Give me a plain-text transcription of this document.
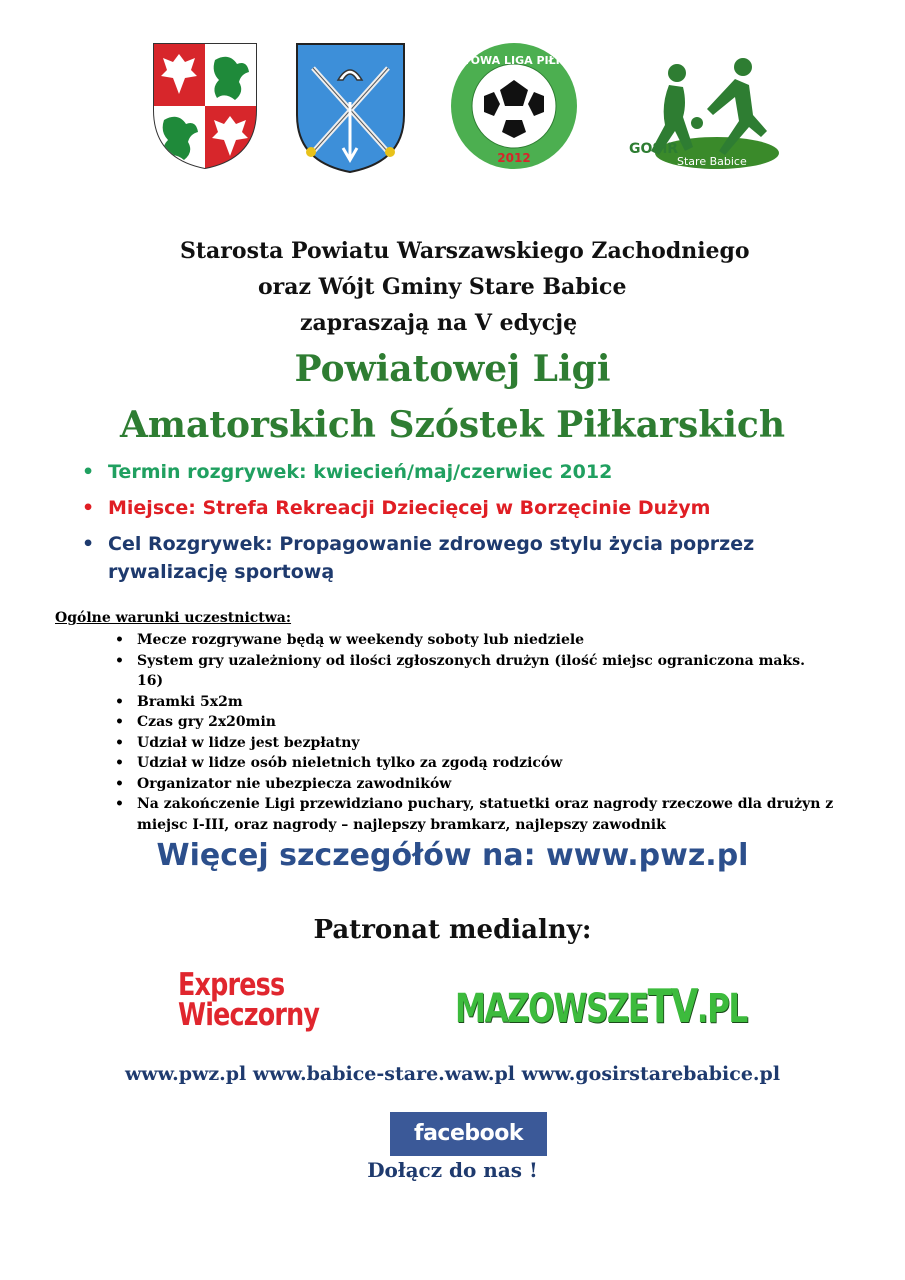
POWIATOWA LIGA PIŁKARSKA
2012
GOSiR
Stare Babice
Starosta Powiatu Warszawskiego Zachodniego
oraz Wójt Gminy Stare Babice
zapraszają na V edycję
Powiatowej Ligi
Amatorskich Szóstek Piłkarskich
• Termin rozgrywek: kwiecień/maj/czerwiec 2012
• Miejsce: Strefa Rekreacji Dziecięcej w Borzęcinie Dużym
• Cel Rozgrywek: Propagowanie zdrowego stylu życia poprzez rywalizację sportową
Ogólne warunki uczestnictwa:
• Mecze rozgrywane będą w weekendy soboty lub niedziele
• System gry uzależniony od ilości zgłoszonych drużyn (ilość miejsc ograniczona maks. 16)
• Bramki 5x2m
• Czas gry 2x20min
• Udział w lidze jest bezpłatny
• Udział w lidze osób nieletnich tylko za zgodą rodziców
• Organizator nie ubezpiecza zawodników
• Na zakończenie Ligi przewidziano puchary, statuetki oraz nagrody rzeczowe dla drużyn z miejsc I-III, oraz nagrody – najlepszy bramkarz, najlepszy zawodnik
Więcej szczegółów na: www.pwz.pl
Patronat medialny:
Express
Wieczorny	MAZOWSZETV.PL
www.pwz.pl www.babice-stare.waw.pl www.gosirstarebabice.pl
facebook
Dołącz do nas !
